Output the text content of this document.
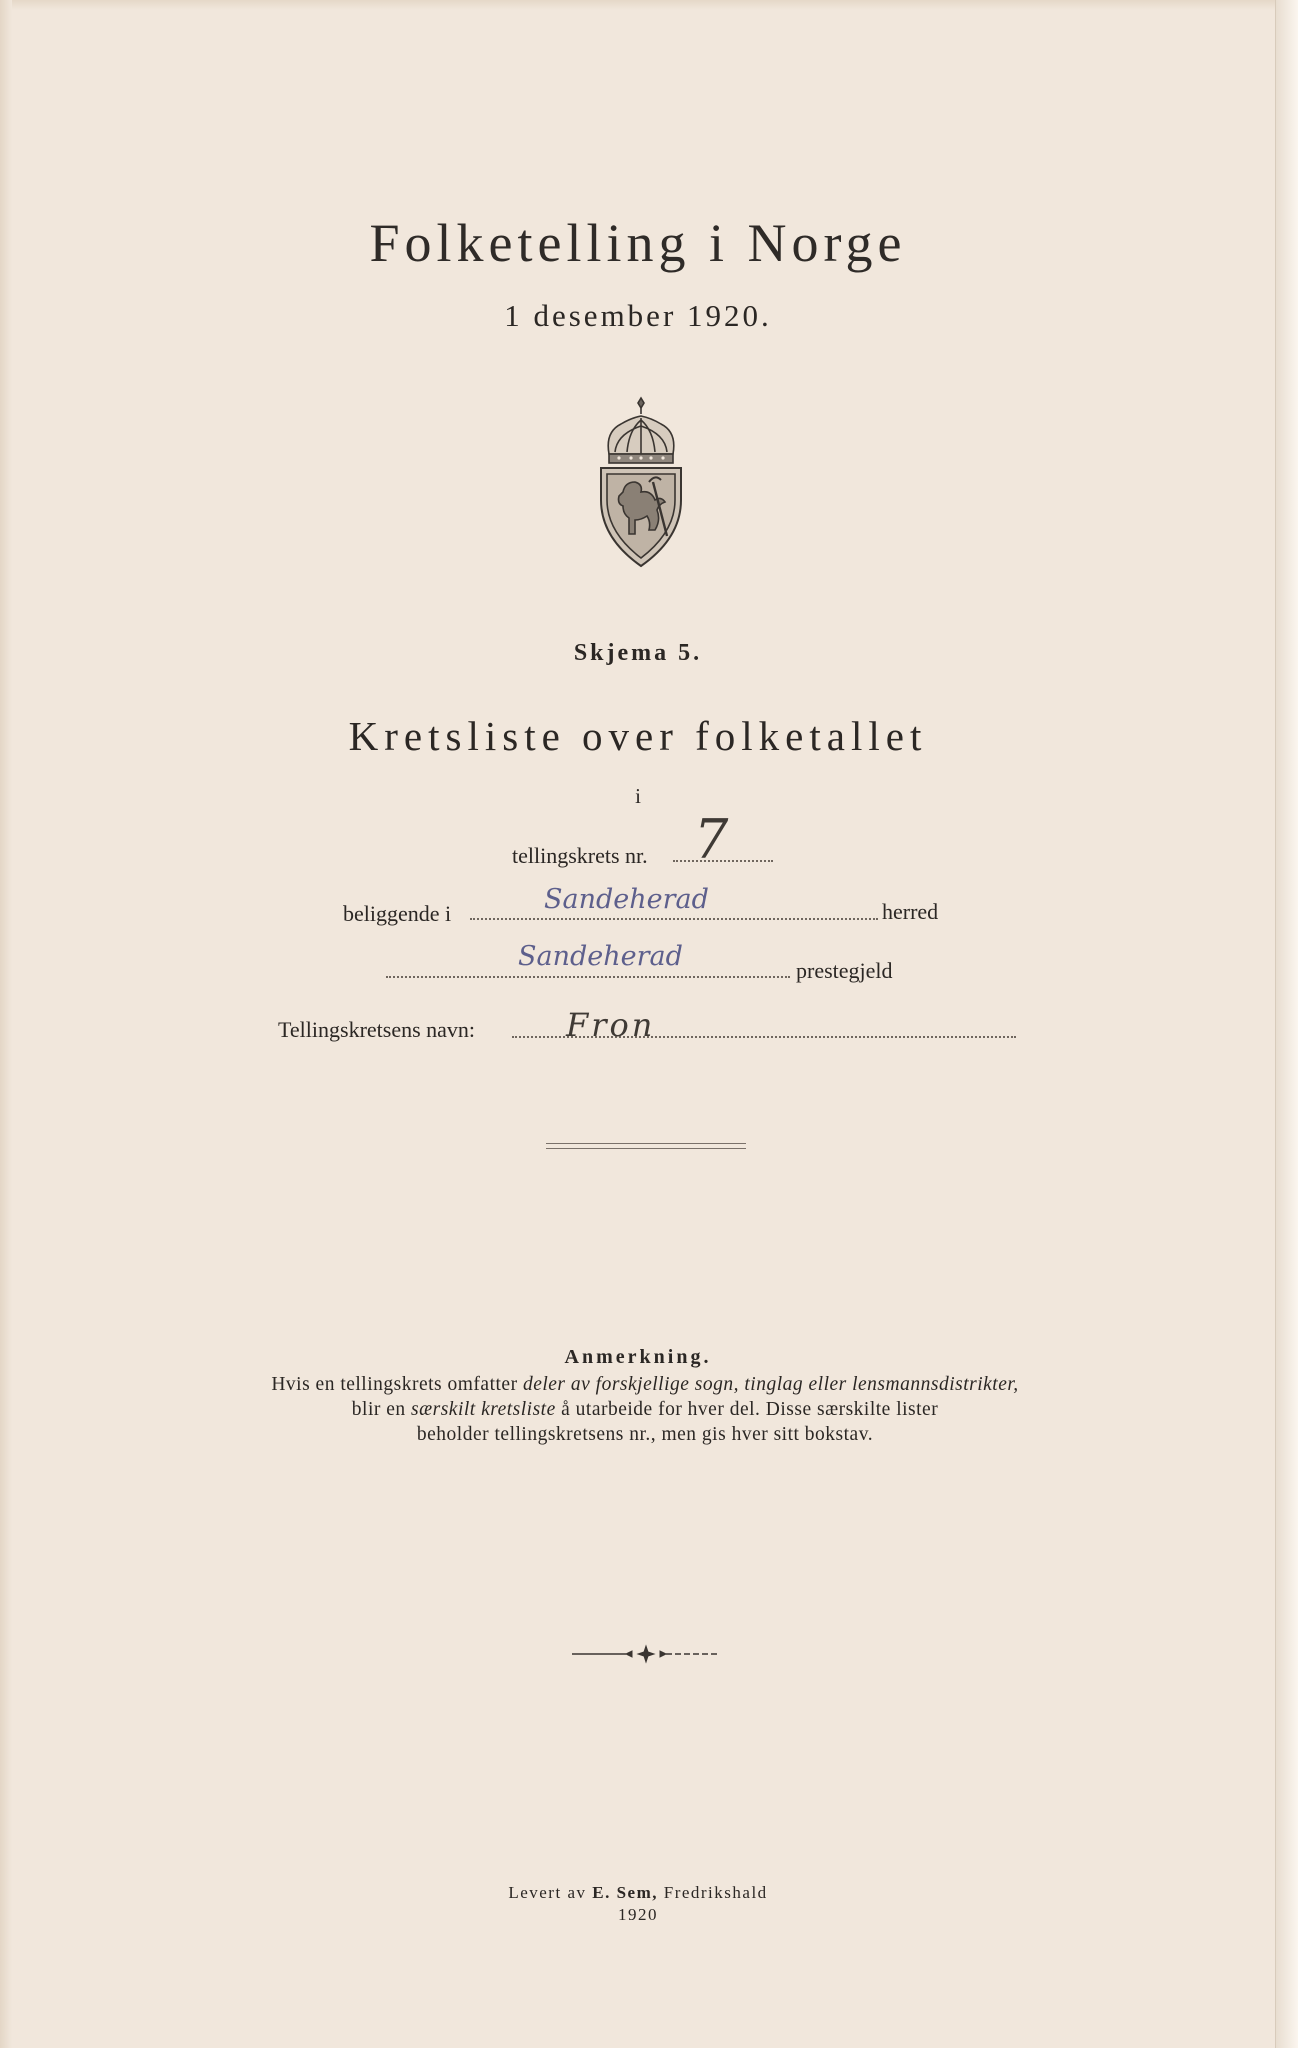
Folketelling i Norge
1 desember 1920.
Skjema 5.
Kretsliste over folketallet
i
tellingskrets nr. 7
beliggende i	Sandeherad	herred
Sandeherad	prestegjeld
Tellingskretsens navn:	Fron
Anmerkning.
Hvis en tellingskrets omfatter deler av forskjellige sogn, tinglag eller lensmannsdistrikter,
blir en særskilt kretsliste å utarbeide for hver del. Disse særskilte lister
beholder tellingskretsens nr., men gis hver sitt bokstav.
Levert av E. Sem, Fredrikshald
1920
